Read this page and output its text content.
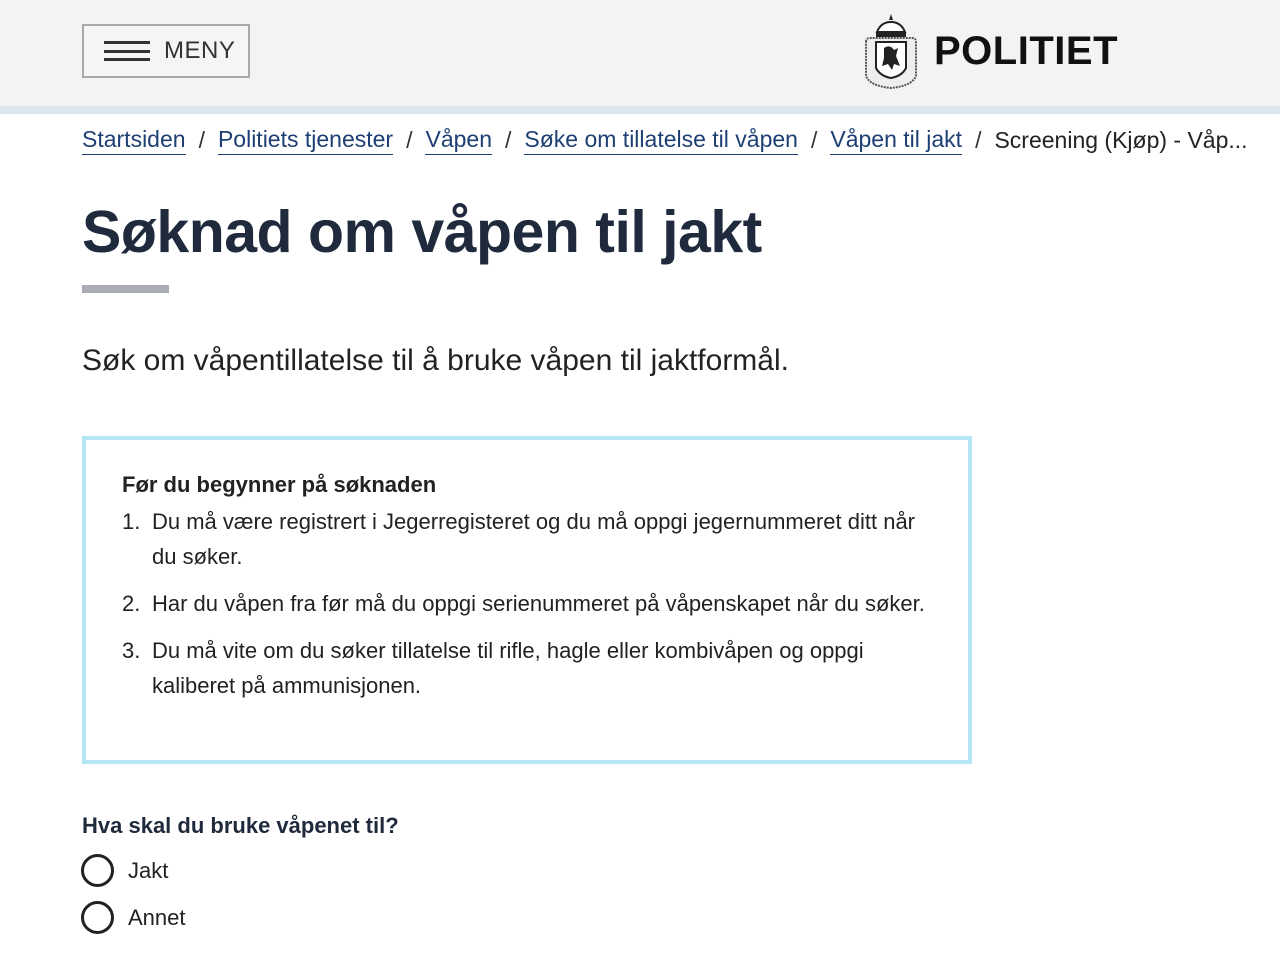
MENY	POLITIET
Startsiden / Politiets tjenester / Våpen / Søke om tillatelse til våpen / Våpen til jakt / Screening (Kjøp) - Våp...
Søknad om våpen til jakt

Søk om våpentillatelse til å bruke våpen til jaktformål.

Før du begynner på søknaden
1. Du må være registrert i Jegerregisteret og du må oppgi jegernummeret ditt når du søker.
2. Har du våpen fra før må du oppgi serienummeret på våpenskapet når du søker.
3. Du må vite om du søker tillatelse til rifle, hagle eller kombivåpen og oppgi kaliberet på ammunisjonen.

Hva skal du bruke våpenet til?

Jakt
Annet
